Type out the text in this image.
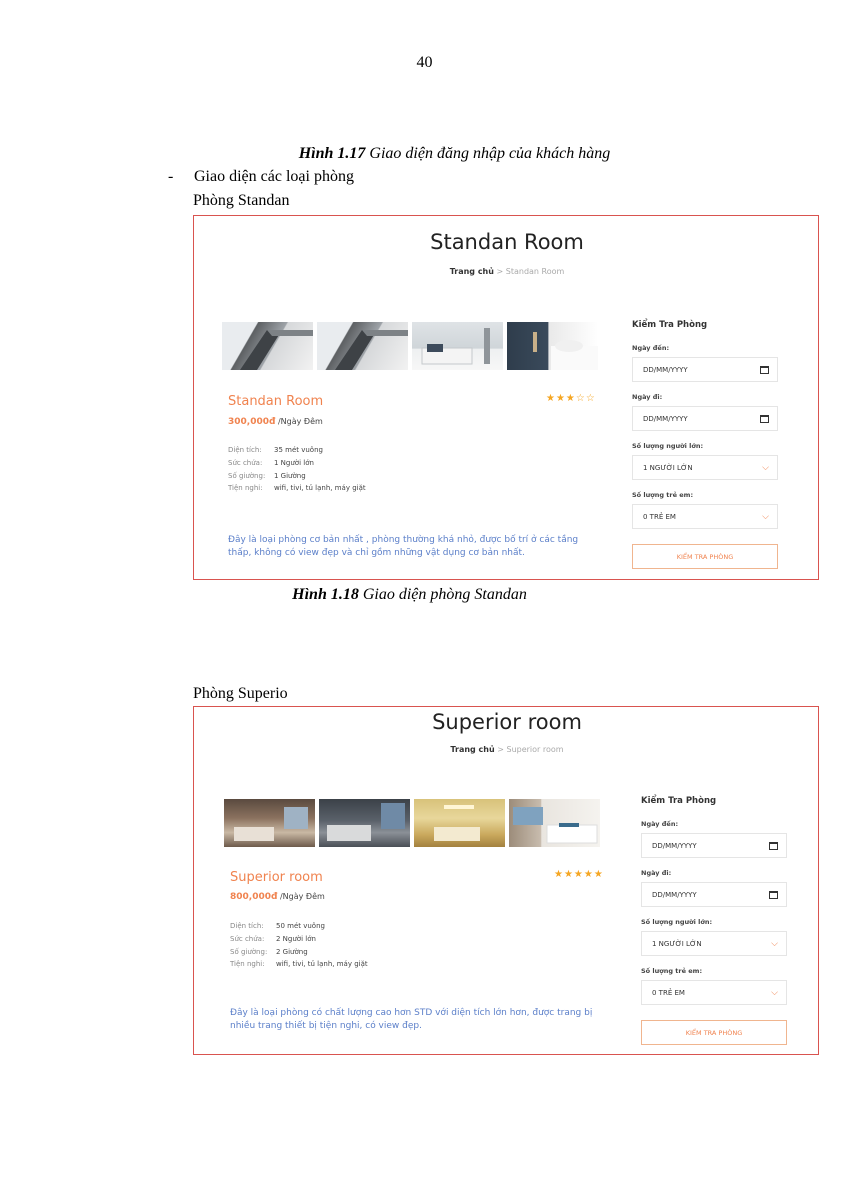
40
Hình 1.17 Giao diện đăng nhập của khách hàng
- Giao diện các loại phòng
Phòng Standan
Standan Room
Trang chủ > Standan Room
Standan Room	★★★☆☆
300,000đ /Ngày Đêm
Diện tích:	35 mét vuông
Sức chứa:	1 Người lớn
Số giường:	1 Giường
Tiện nghi:	wifi, tivi, tủ lạnh, máy giặt
Đây là loại phòng cơ bản nhất , phòng thường khá nhỏ, được bố trí ở các tầng thấp, không có view đẹp và chỉ gồm những vật dụng cơ bản nhất.
Kiểm Tra Phòng
Ngày đến:
DD/MM/YYYY
Ngày đi:
DD/MM/YYYY
Số lượng người lớn:
1 NGƯỜI LỚN	⌵
Số lượng trẻ em:
0 TRẺ EM	⌵
KIỂM TRA PHÒNG
Hình 1.18 Giao diện phòng Standan
Phòng Superio
Superior room
Trang chủ > Superior room
Superior room	★★★★★
800,000đ /Ngày Đêm
Diện tích:	50 mét vuông
Sức chứa:	2 Người lớn
Số giường:	2 Giường
Tiện nghi:	wifi, tivi, tủ lạnh, máy giặt
Đây là loại phòng có chất lượng cao hơn STD với diện tích lớn hơn, được trang bị nhiều trang thiết bị tiện nghi, có view đẹp.
Kiểm Tra Phòng
Ngày đến:
DD/MM/YYYY
Ngày đi:
DD/MM/YYYY
Số lượng người lớn:
1 NGƯỜI LỚN	⌵
Số lượng trẻ em:
0 TRẺ EM	⌵
KIỂM TRA PHÒNG
